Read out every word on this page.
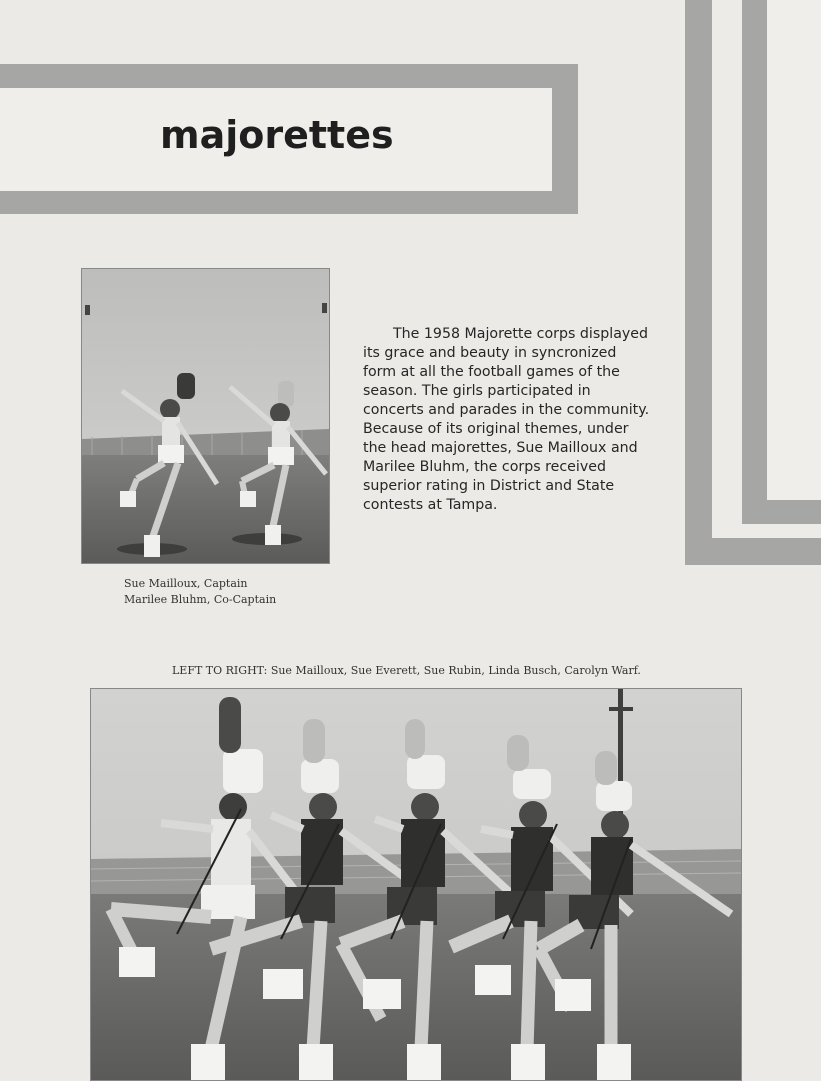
majorettes

The 1958 Majorette corps displayed its grace and beauty in syncronized form at all the football games of the season. The girls participated in concerts and parades in the community. Because of its original themes, under the head majorettes, Sue Mailloux and Marilee Bluhm, the corps received superior rating in District and State contests at Tampa.

Sue Mailloux, Captain
Marilee Bluhm, Co-Captain
LEFT TO RIGHT: Sue Mailloux, Sue Everett, Sue Rubin, Linda Busch, Carolyn Warf.
